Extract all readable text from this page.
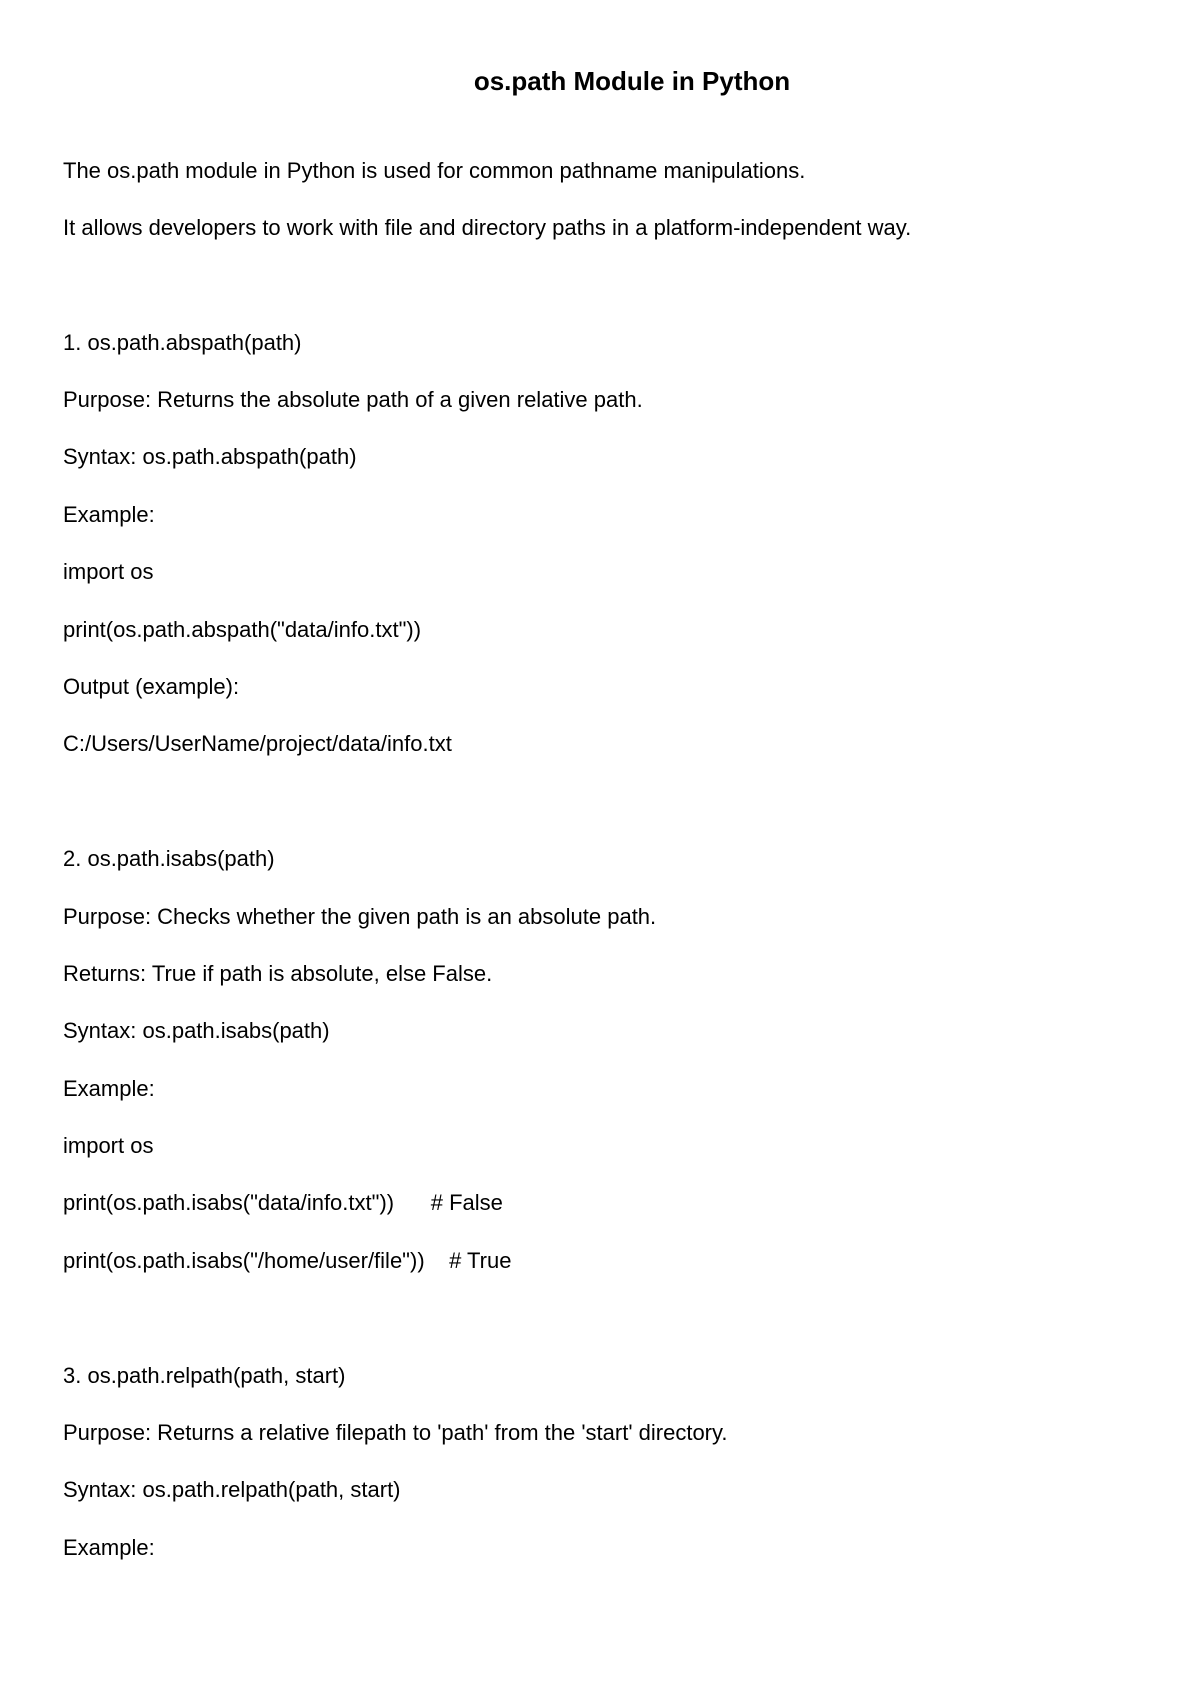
os.path Module in Python
The os.path module in Python is used for common pathname manipulations.
It allows developers to work with file and directory paths in a platform-independent way.
1. os.path.abspath(path)
Purpose: Returns the absolute path of a given relative path.
Syntax: os.path.abspath(path)
Example:
import os
print(os.path.abspath("data/info.txt"))
Output (example):
C:/Users/UserName/project/data/info.txt
2. os.path.isabs(path)
Purpose: Checks whether the given path is an absolute path.
Returns: True if path is absolute, else False.
Syntax: os.path.isabs(path)
Example:
import os
print(os.path.isabs("data/info.txt"))      # False
print(os.path.isabs("/home/user/file"))    # True
3. os.path.relpath(path, start)
Purpose: Returns a relative filepath to 'path' from the 'start' directory.
Syntax: os.path.relpath(path, start)
Example:
